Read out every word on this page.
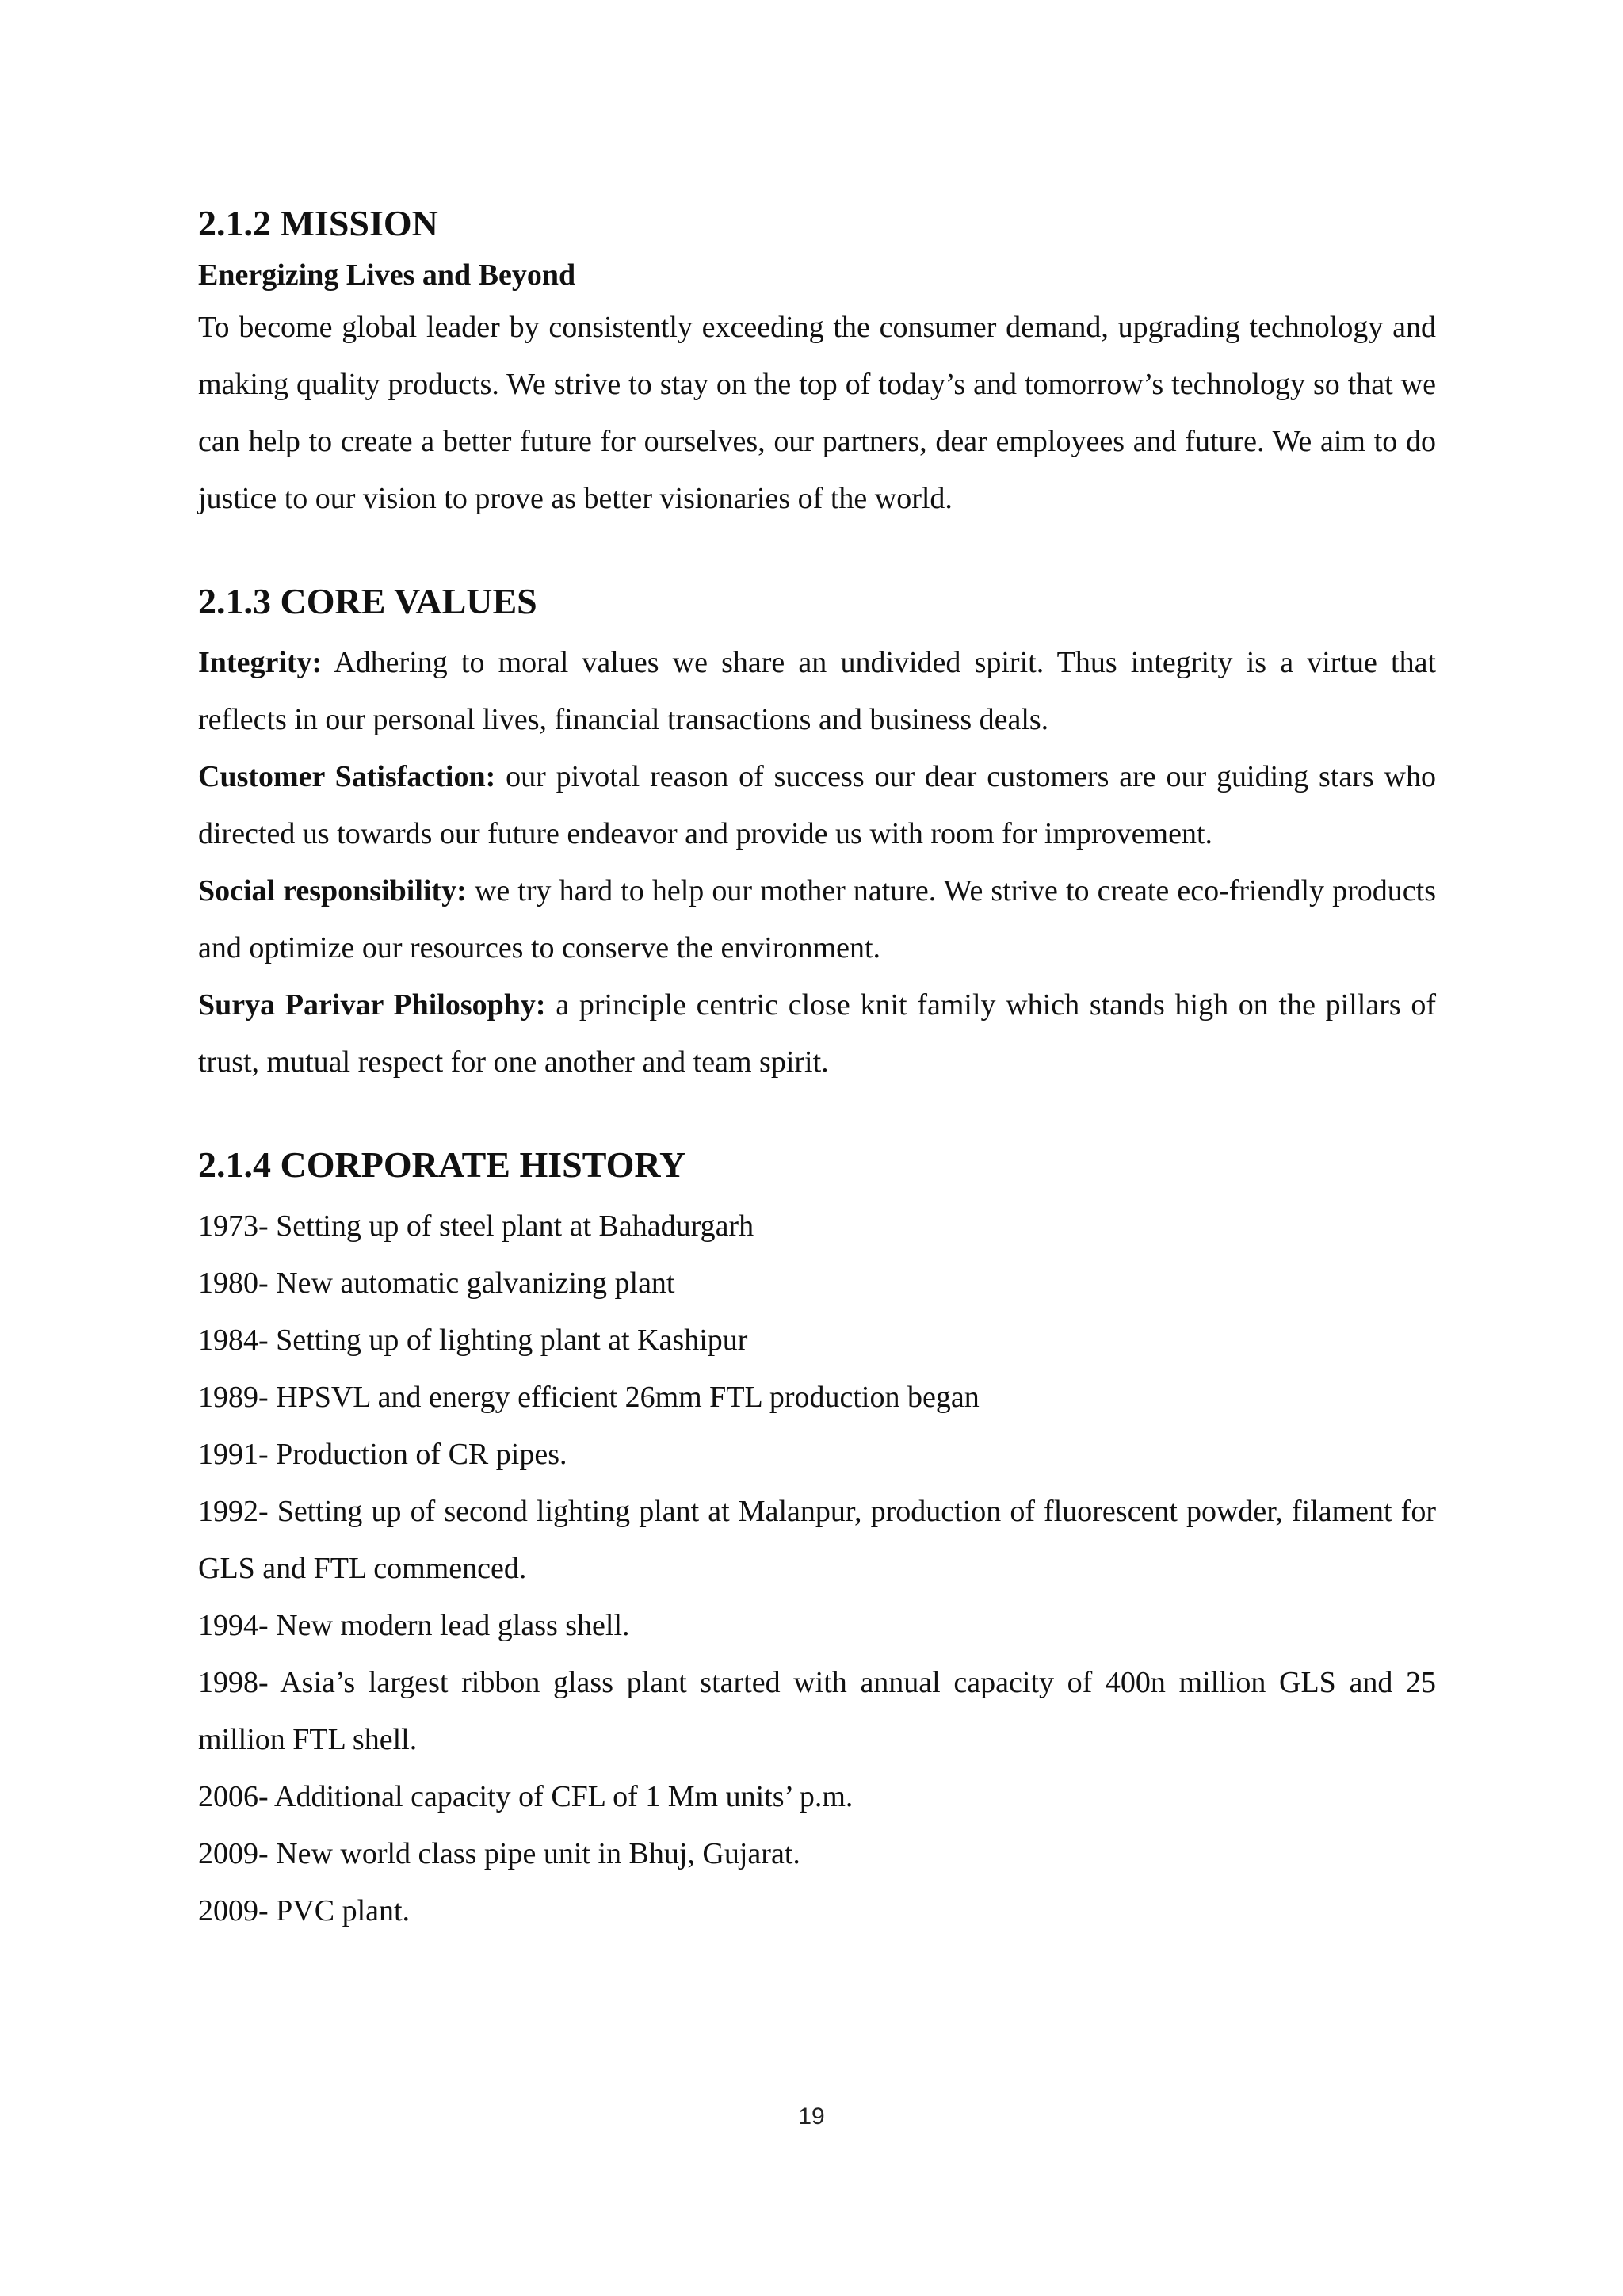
2.1.2 MISSION

Energizing Lives and Beyond

To become global leader by consistently exceeding the consumer demand, upgrading technology and making quality products. We strive to stay on the top of today’s and tomorrow’s technology so that we can help to create a better future for ourselves, our partners, dear employees and future. We aim to do justice to our vision to prove as better visionaries of the world.

2.1.3 CORE VALUES

Integrity: Adhering to moral values we share an undivided spirit. Thus integrity is a virtue that reflects in our personal lives, financial transactions and business deals.

Customer Satisfaction: our pivotal reason of success our dear customers are our guiding stars who directed us towards our future endeavor and provide us with room for improvement.

Social responsibility: we try hard to help our mother nature. We strive to create eco-friendly products and optimize our resources to conserve the environment.

Surya Parivar Philosophy: a principle centric close knit family which stands high on the pillars of trust, mutual respect for one another and team spirit.

2.1.4 CORPORATE HISTORY

1973- Setting up of steel plant at Bahadurgarh

1980- New automatic galvanizing plant

1984- Setting up of lighting plant at Kashipur

1989- HPSVL and energy efficient 26mm FTL production began

1991- Production of CR pipes.

1992- Setting up of second lighting plant at Malanpur, production of fluorescent powder, filament for GLS and FTL commenced.

1994- New modern lead glass shell.

1998- Asia’s largest ribbon glass plant started with annual capacity of 400n million GLS and 25 million FTL shell.

2006- Additional capacity of CFL of 1 Mm units’ p.m.

2009- New world class pipe unit in Bhuj, Gujarat.

2009- PVC plant.

19
